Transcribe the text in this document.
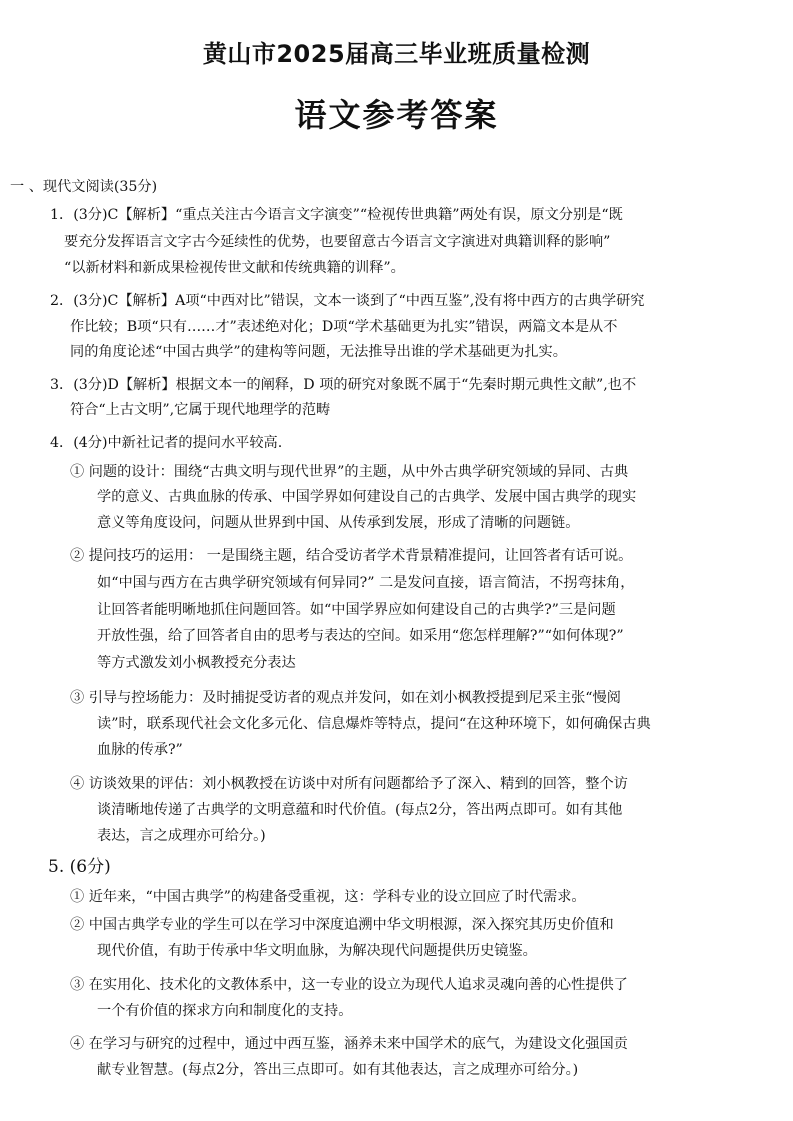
黄山市2025届高三毕业班质量检测
语文参考答案
一 、现代文阅读(35分)
1．(3分)C【解析】“重点关注古今语言文字演变”“检视传世典籍”两处有误，原文分别是“既
要充分发挥语言文字古今延续性的优势，也要留意古今语言文字演进对典籍训释的影响”
“以新材料和新成果检视传世文献和传统典籍的训释”。
2．(3分)C【解析】A项“中西对比”错误，文本一谈到了“中西互鉴”,没有将中西方的古典学研究
作比较；B项“只有……才”表述绝对化；D项“学术基础更为扎实”错误，两篇文本是从不
同的角度论述“中国古典学”的建构等问题，无法推导出谁的学术基础更为扎实。
3．(3分)D【解析】根据文本一的阐释，D 项的研究对象既不属于“先秦时期元典性文献”,也不
符合“上古文明”,它属于现代地理学的范畴
4．(4分)中新社记者的提问水平较高.
① 问题的设计：围绕“古典文明与现代世界”的主题，从中外古典学研究领域的异同、古典
学的意义、古典血脉的传承、中国学界如何建设自己的古典学、发展中国古典学的现实
意义等角度设问，问题从世界到中国、从传承到发展，形成了清晰的问题链。
② 提问技巧的运用： 一是围绕主题，结合受访者学术背景精准提问，让回答者有话可说。
如“中国与西方在古典学研究领域有何异同?” 二是发问直接，语言简洁，不拐弯抹角，
让回答者能明晰地抓住问题回答。如“中国学界应如何建设自己的古典学?”三是问题
开放性强，给了回答者自由的思考与表达的空间。如采用“您怎样理解?”“如何体现?”
等方式激发刘小枫教授充分表达
③ 引导与控场能力：及时捕捉受访者的观点并发问，如在刘小枫教授提到尼采主张“慢阅
读”时，联系现代社会文化多元化、信息爆炸等特点，提问“在这种环境下，如何确保古典
血脉的传承?”
④ 访谈效果的评估：刘小枫教授在访谈中对所有问题都给予了深入、精到的回答，整个访
谈清晰地传递了古典学的文明意蕴和时代价值。(每点2分，答出两点即可。如有其他
表达，言之成理亦可给分。)
5. (6分)
① 近年来，“中国古典学”的构建备受重视，这：学科专业的设立回应了时代需求。
② 中国古典学专业的学生可以在学习中深度追溯中华文明根源，深入探究其历史价值和
现代价值，有助于传承中华文明血脉，为解决现代问题提供历史镜鉴。
③ 在实用化、技术化的文教体系中，这一专业的设立为现代人追求灵魂向善的心性提供了
一个有价值的探求方向和制度化的支持。
④ 在学习与研究的过程中，通过中西互鉴，涵养未来中国学术的底气，为建设文化强国贡
献专业智慧。(每点2分，答出三点即可。如有其他表达，言之成理亦可给分。)
